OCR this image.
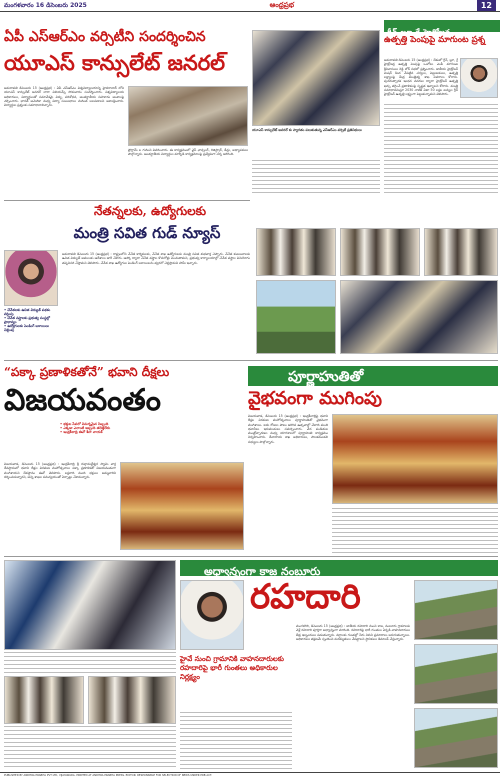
మంగళవారం 16 డిసెంబరు 2025	ఆంధ్రప్రభ	12
ఏపీ ఎస్ఆర్ఎం వర్సిటీని సందర్శించిన
యూఎస్ కాన్సులేట్ జనరల్
అమరావతి డిసెంబరు 15 (ఆంధ్రప్రభ) : ఏపీ ఎస్ఆర్ఎం విశ్వవిద్యాలయాన్ని హైదరాబాద్ లోని యూఎస్ కాన్సులేట్ జనరల్ లారా విలియమ్స్ సోమవారం సందర్శించారు. విశ్వవిద్యాలయ అధికారులు, విద్యార్థులతో సమావేశమై విద్య, పరిశోధన, అంతర్జాతీయ సహకారం అంశాలపై చర్చించారు. భారత్ అమెరికా మధ్య విద్యా సంబంధాలు మరింత బలపడాలని ఆకాంక్షించారు. విద్యార్థుల ప్రశ్నలకు సమాధానాలిచ్చారు.
ప్రోగ్రామ్ ల గురించి వివరించారు. ఈ కార్యక్రమంలో వైస్ ఛాన్సలర్, రిజిస్ట్రార్, డీన్లు, అధ్యాపకులు పాల్గొన్నారు. అంతర్జాతీయ విద్యార్థుల మార్పిడి కార్యక్రమాలపై ప్రత్యేకంగా చర్చ జరిగింది.
యూఎస్ కాన్సులేట్ జనరల్ కు స్వాగతం పలుకుతున్న ఎస్ఆర్ఎం వర్సిటీ ప్రతినిధులు
గ్రీన్-బ్లూ-గ్రే-హైడ్రోజన్ల
ఉత్పత్తి పెంపుపై మాగుంట ప్రశ్న
అమరావతి డిసెంబరు 15 (ఆంధ్రప్రభ) : దేశంలో గ్రీన్, బ్లూ, గ్రే హైడ్రోజన్ల ఉత్పత్తి పెంపుపై ఒంగోలు ఎంపీ మాగుంట శ్రీనివాసులు రెడ్డి లోక్ సభలో ప్రశ్నించారు. జాతీయ హైడ్రోజన్ మిషన్ కింద చేపట్టిన చర్యలు, పెట్టుబడులు, ఉత్పత్తి లక్ష్యాలపై కేంద్ర మంత్రిత్వ శాఖ వివరాలు కోరారు. పునరుత్పాదక ఇంధన వనరుల ద్వారా హైడ్రోజన్ ఉత్పత్తి ఖర్చు తగ్గించే ప్రణాళికలపై స్పష్టత ఇవ్వాలని కోరారు. మంత్రి సమాధానమిస్తూ 2030 నాటికి ఏటా 50 లక్షల టన్నుల గ్రీన్ హైడ్రోజన్ ఉత్పత్తి లక్ష్యంగా పెట్టుకున్నామని తెలిపారు.
నేతన్నలకు, ఉద్యోగులకు
మంత్రి సవిత గుడ్ న్యూస్
• చేనేతలకు ఉచిత విద్యుత్ పథకం వర్తింపు
• చేనేత వస్త్రాలకు ప్రభుత్వ సంస్థల్లో ప్రాధాన్యం
• ఉద్యోగులకు పెండింగ్ బకాయిలు చెల్లింపు
అమరావతి డిసెంబరు 15 (ఆంధ్రప్రభ) : రాష్ట్రంలోని చేనేత కార్మికులకు, చేనేత శాఖ ఉద్యోగులకు మంత్రి సవిత శుభవార్త చెప్పారు. చేనేత కుటుంబాలకు ఉచిత విద్యుత్ అమలుకు ఆదేశాలు జారీ చేశారు. ఆప్కో ద్వారా చేనేత వస్త్రాల కొనుగోళ్లు పెంచుతామని, ప్రభుత్వ కార్యాలయాల్లో చేనేత వస్త్రాల వినియోగం తప్పనిసరి చేస్తామని తెలిపారు. చేనేత శాఖ ఉద్యోగుల పెండింగ్ బకాయిలను త్వరలో చెల్లిస్తామని హామీ ఇచ్చారు.
“పక్కా ప్రణాళికతోనే” భవాని దీక్షలు
విజయవంతం
• భక్తుల సేవలో నిమగ్నమైన సిబ్బంది
• ఎక్కడా ఎలాంటి ఇబ్బంది తలెత్తలేదు
• ఇంద్రకీలాద్రి ఈవో శీనా నాయక్
విజయవాడ, డిసెంబరు 15 (ఆంధ్రప్రభ) : ఇంద్రకీలాద్రి శ్రీ దుర్గామల్లేశ్వర స్వామి వార్ల దేవస్థానంలో భవాని దీక్షల విరమణ మహోత్సవాలు పక్కా ప్రణాళికతో విజయవంతంగా ముగిశాయని దేవస్థానం ఈవో తెలిపారు. లక్షలాది మంది భక్తులు అమ్మవారిని దర్శించుకున్నారని, అన్ని శాఖల సమన్వయంతో ఏర్పాట్లు చేశామన్నారు.
పూర్ణాహుతితో
వైభవంగా ముగింపు
విజయవాడ, డిసెంబరు 15 (ఆంధ్రప్రభ) : ఇంద్రకీలాద్రిపై భవాని దీక్షల విరమణ మహోత్సవాలు పూర్ణాహుతితో వైభవంగా ముగిశాయి. ఐదు రోజుల పాటు జరిగిన ఉత్సవాల్లో వేలాది మంది భవానీలు ఇరుముడులు సమర్పించారు. వేద పండితుల మంత్రోచ్చారణల మధ్య యాగశాలలో పూర్ణాహుతి కార్యక్రమం నిర్వహించారు. దేవాదాయ శాఖ అధికారులు, పాలకమండలి సభ్యులు పాల్గొన్నారు.
అధ్వాన్నంగా కాజ నంబూరు
రహదారి
హైవే నుంచి గ్రామానికి వాహనదారులకు రహదారిపై భారీ గుంతలు అధికారుల నిర్లక్ష్యం
మంగళగిరి, డిసెంబరు 15 (ఆంధ్రప్రభ) : జాతీయ రహదారి నుంచి కాజ, నంబూరు గ్రామాలకు వెళ్లే రహదారి పూర్తిగా అధ్వాన్నంగా మారింది. రహదారిపై భారీ గుంతలు ఏర్పడి వాహనదారులు తీవ్ర ఇబ్బందులు పడుతున్నారు. వర్షాలకు గుంతల్లో నీరు నిలిచి ప్రమాదాలు జరుగుతున్నాయి. అధికారులు తక్షణమే స్పందించి మరమ్మతులు చేపట్టాలని స్థానికులు డిమాండ్ చేస్తున్నారు.
PUBLISHED BY ANDHRA PRABHA PVT LTD, VIJAYAWADA. PRINTED AT ANDHRA PRABHA PRESS. EDITOR: RESPONSIBLE FOR SELECTION OF NEWS UNDER PRB ACT.
